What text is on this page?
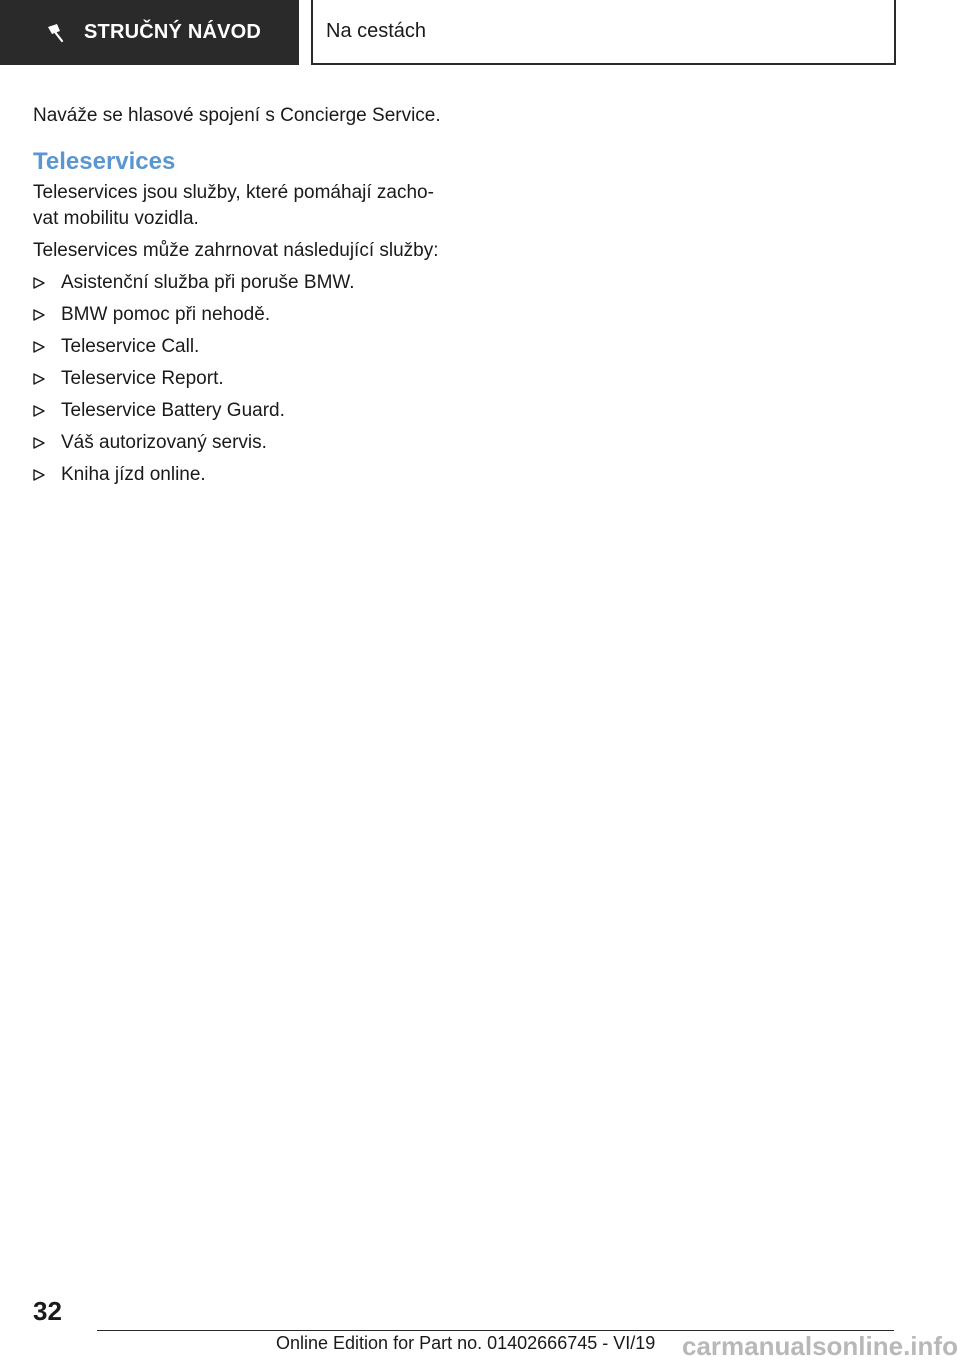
STRUČNÝ NÁVOD	Na cestách

Naváže se hlasové spojení s Concierge Service.

Teleservices

Teleservices jsou služby, které pomáhají zacho-vat mobilitu vozidla.

Teleservices může zahrnovat následující služby:

Asistenční služba při poruše BMW.
BMW pomoc při nehodě.
Teleservice Call.
Teleservice Report.
Teleservice Battery Guard.
Váš autorizovaný servis.
Kniha jízd online.
32
Online Edition for Part no. 01402666745 - VI/19 carmanualsonline.info
